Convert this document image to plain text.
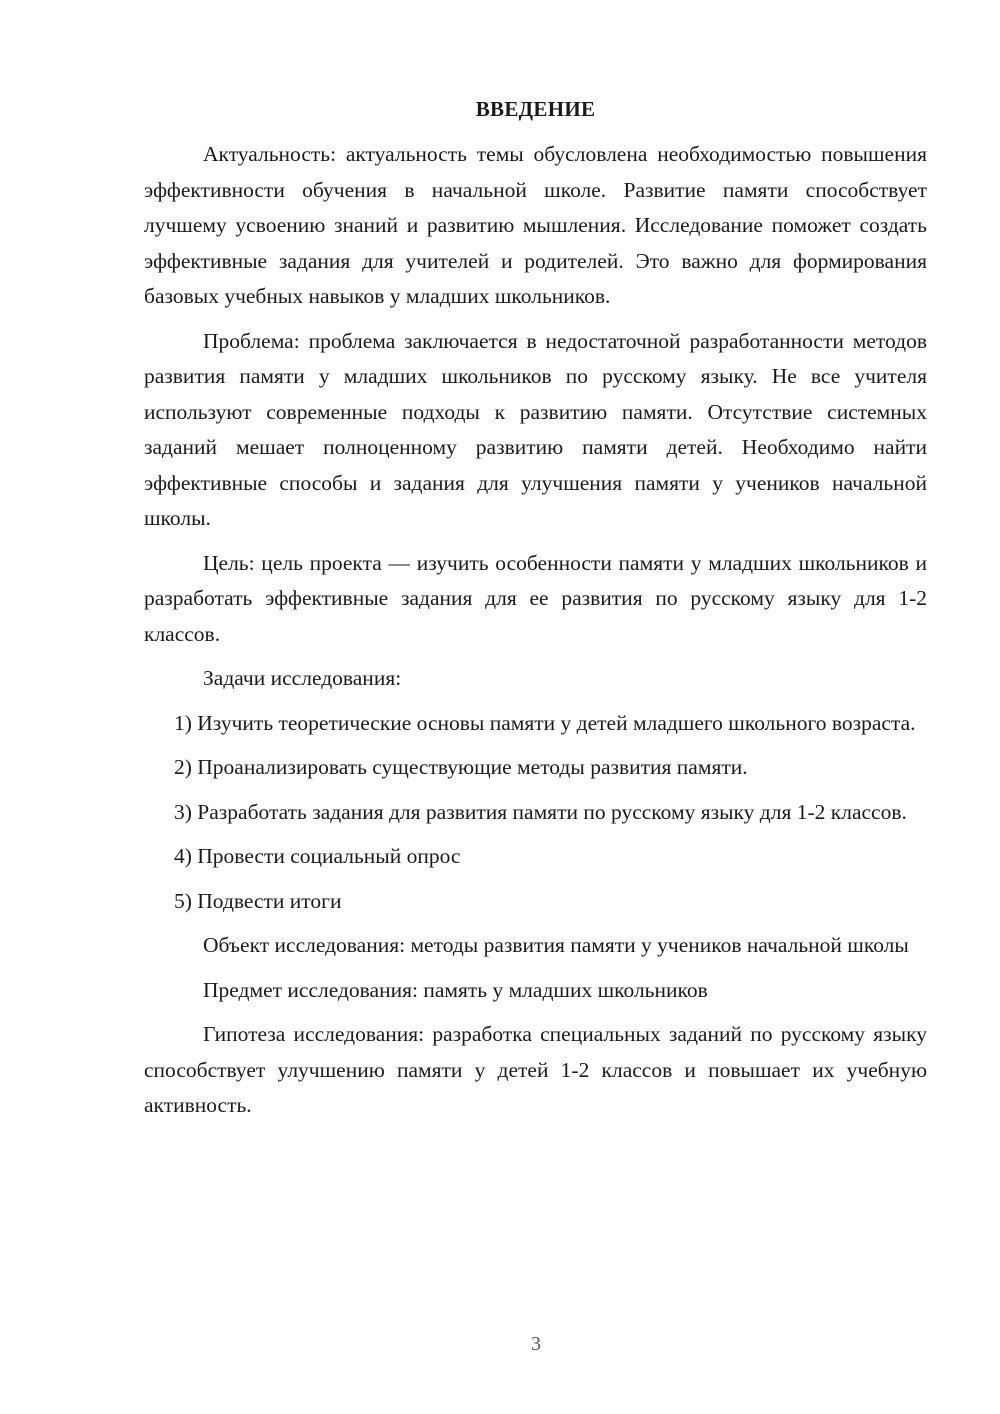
ВВЕДЕНИЕ

Актуальность: актуальность темы обусловлена необходимостью повышения эффективности обучения в начальной школе. Развитие памяти способствует лучшему усвоению знаний и развитию мышления. Исследование поможет создать эффективные задания для учителей и родителей. Это важно для формирования базовых учебных навыков у младших школьников.

Проблема: проблема заключается в недостаточной разработанности методов развития памяти у младших школьников по русскому языку. Не все учителя используют современные подходы к развитию памяти. Отсутствие системных заданий мешает полноценному развитию памяти детей. Необходимо найти эффективные способы и задания для улучшения памяти у учеников начальной школы.

Цель: цель проекта — изучить особенности памяти у младших школьников и разработать эффективные задания для ее развития по русскому языку для 1-2 классов.

Задачи исследования:

1) Изучить теоретические основы памяти у детей младшего школьного возраста.

2) Проанализировать существующие методы развития памяти.

3) Разработать задания для развития памяти по русскому языку для 1-2 классов.

4) Провести социальный опрос

5) Подвести итоги

Объект исследования: методы развития памяти у учеников начальной школы

Предмет исследования: память у младших школьников

Гипотеза исследования: разработка специальных заданий по русскому языку способствует улучшению памяти у детей 1-2 классов и повышает их учебную активность.

3
